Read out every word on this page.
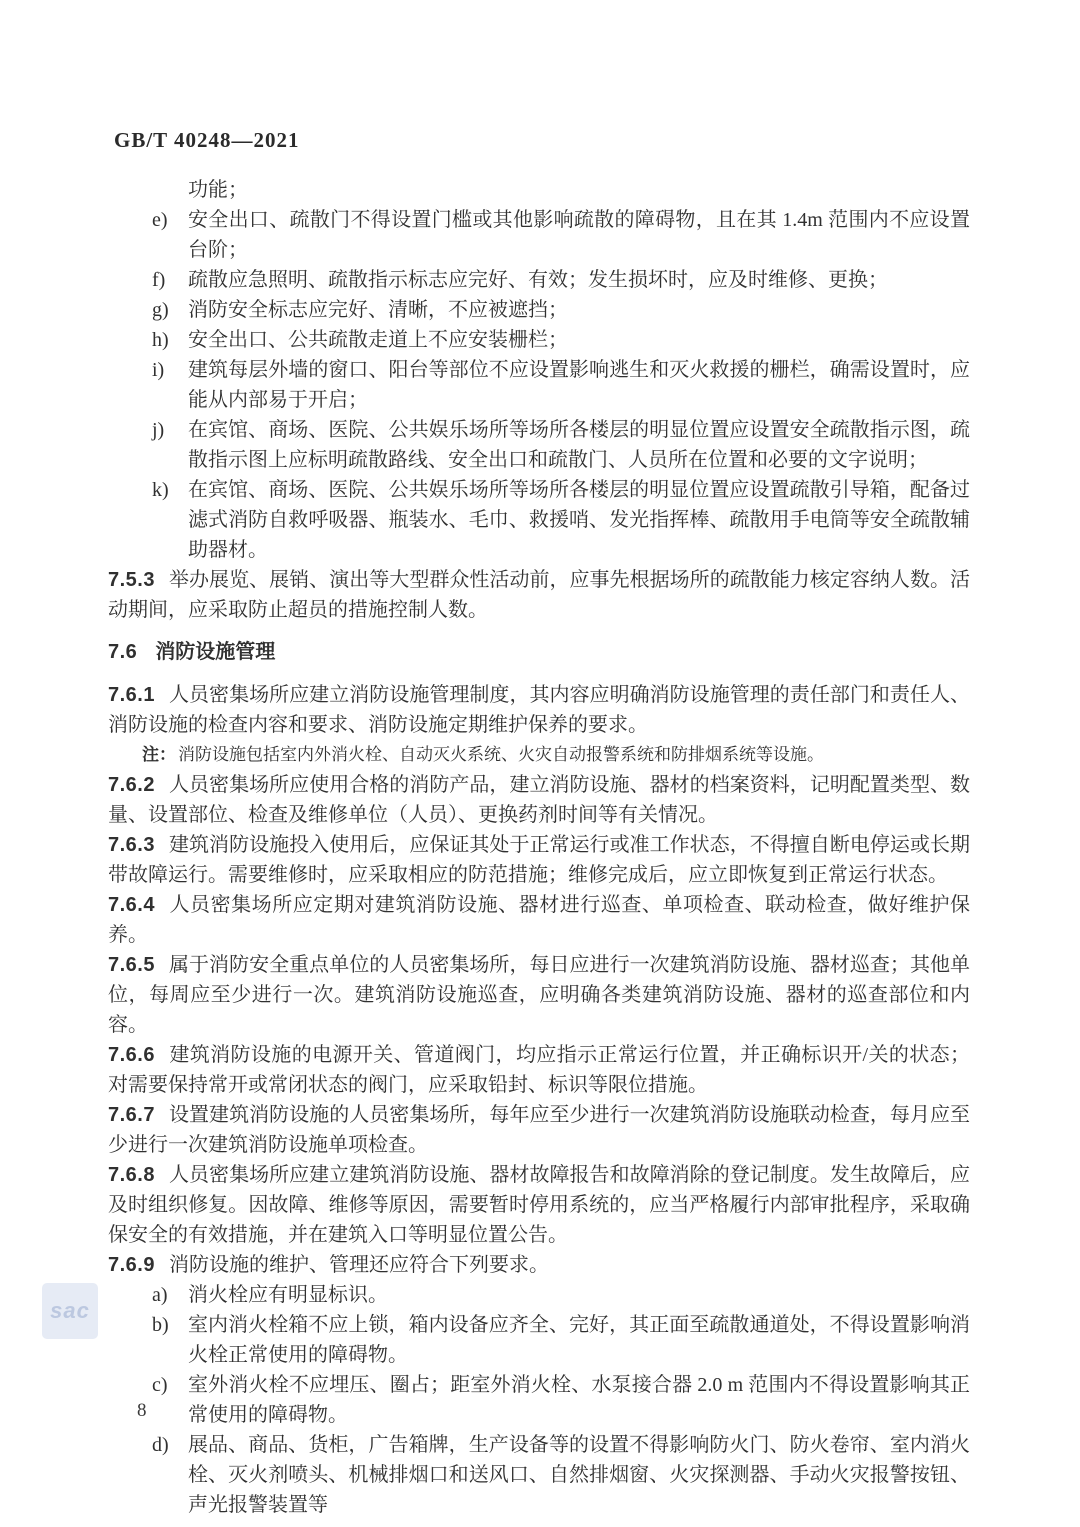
GB/T 40248—2021
功能；
e) 安全出口、疏散门不得设置门槛或其他影响疏散的障碍物，且在其 1.4m 范围内不应设置台阶；
f) 疏散应急照明、疏散指示标志应完好、有效；发生损坏时，应及时维修、更换；
g) 消防安全标志应完好、清晰，不应被遮挡；
h) 安全出口、公共疏散走道上不应安装栅栏；
i) 建筑每层外墙的窗口、阳台等部位不应设置影响逃生和灭火救援的栅栏，确需设置时，应能从内部易于开启；
j) 在宾馆、商场、医院、公共娱乐场所等场所各楼层的明显位置应设置安全疏散指示图，疏散指示图上应标明疏散路线、安全出口和疏散门、人员所在位置和必要的文字说明；
k) 在宾馆、商场、医院、公共娱乐场所等场所各楼层的明显位置应设置疏散引导箱，配备过滤式消防自救呼吸器、瓶装水、毛巾、救援哨、发光指挥棒、疏散用手电筒等安全疏散辅助器材。
7.5.3 举办展览、展销、演出等大型群众性活动前，应事先根据场所的疏散能力核定容纳人数。活动期间，应采取防止超员的措施控制人数。
7.6 消防设施管理
7.6.1 人员密集场所应建立消防设施管理制度，其内容应明确消防设施管理的责任部门和责任人、消防设施的检查内容和要求、消防设施定期维护保养的要求。
注： 消防设施包括室内外消火栓、自动灭火系统、火灾自动报警系统和防排烟系统等设施。
7.6.2 人员密集场所应使用合格的消防产品，建立消防设施、器材的档案资料，记明配置类型、数量、设置部位、检查及维修单位（人员）、更换药剂时间等有关情况。
7.6.3 建筑消防设施投入使用后，应保证其处于正常运行或准工作状态，不得擅自断电停运或长期带故障运行。需要维修时，应采取相应的防范措施；维修完成后，应立即恢复到正常运行状态。
7.6.4 人员密集场所应定期对建筑消防设施、器材进行巡查、单项检查、联动检查，做好维护保养。
7.6.5 属于消防安全重点单位的人员密集场所，每日应进行一次建筑消防设施、器材巡查；其他单位，每周应至少进行一次。建筑消防设施巡查，应明确各类建筑消防设施、器材的巡查部位和内容。
7.6.6 建筑消防设施的电源开关、管道阀门，均应指示正常运行位置，并正确标识开/关的状态；对需要保持常开或常闭状态的阀门，应采取铅封、标识等限位措施。
7.6.7 设置建筑消防设施的人员密集场所，每年应至少进行一次建筑消防设施联动检查，每月应至少进行一次建筑消防设施单项检查。
7.6.8 人员密集场所应建立建筑消防设施、器材故障报告和故障消除的登记制度。发生故障后，应及时组织修复。因故障、维修等原因，需要暂时停用系统的，应当严格履行内部审批程序，采取确保安全的有效措施，并在建筑入口等明显位置公告。
7.6.9 消防设施的维护、管理还应符合下列要求。
a) 消火栓应有明显标识。
b) 室内消火栓箱不应上锁，箱内设备应齐全、完好，其正面至疏散通道处，不得设置影响消火栓正常使用的障碍物。
c) 室外消火栓不应埋压、圈占；距室外消火栓、水泵接合器 2.0 m 范围内不得设置影响其正常使用的障碍物。
d) 展品、商品、货柜，广告箱牌，生产设备等的设置不得影响防火门、防火卷帘、室内消火栓、灭火剂喷头、机械排烟口和送风口、自然排烟窗、火灾探测器、手动火灾报警按钮、声光报警装置等
sac
8
